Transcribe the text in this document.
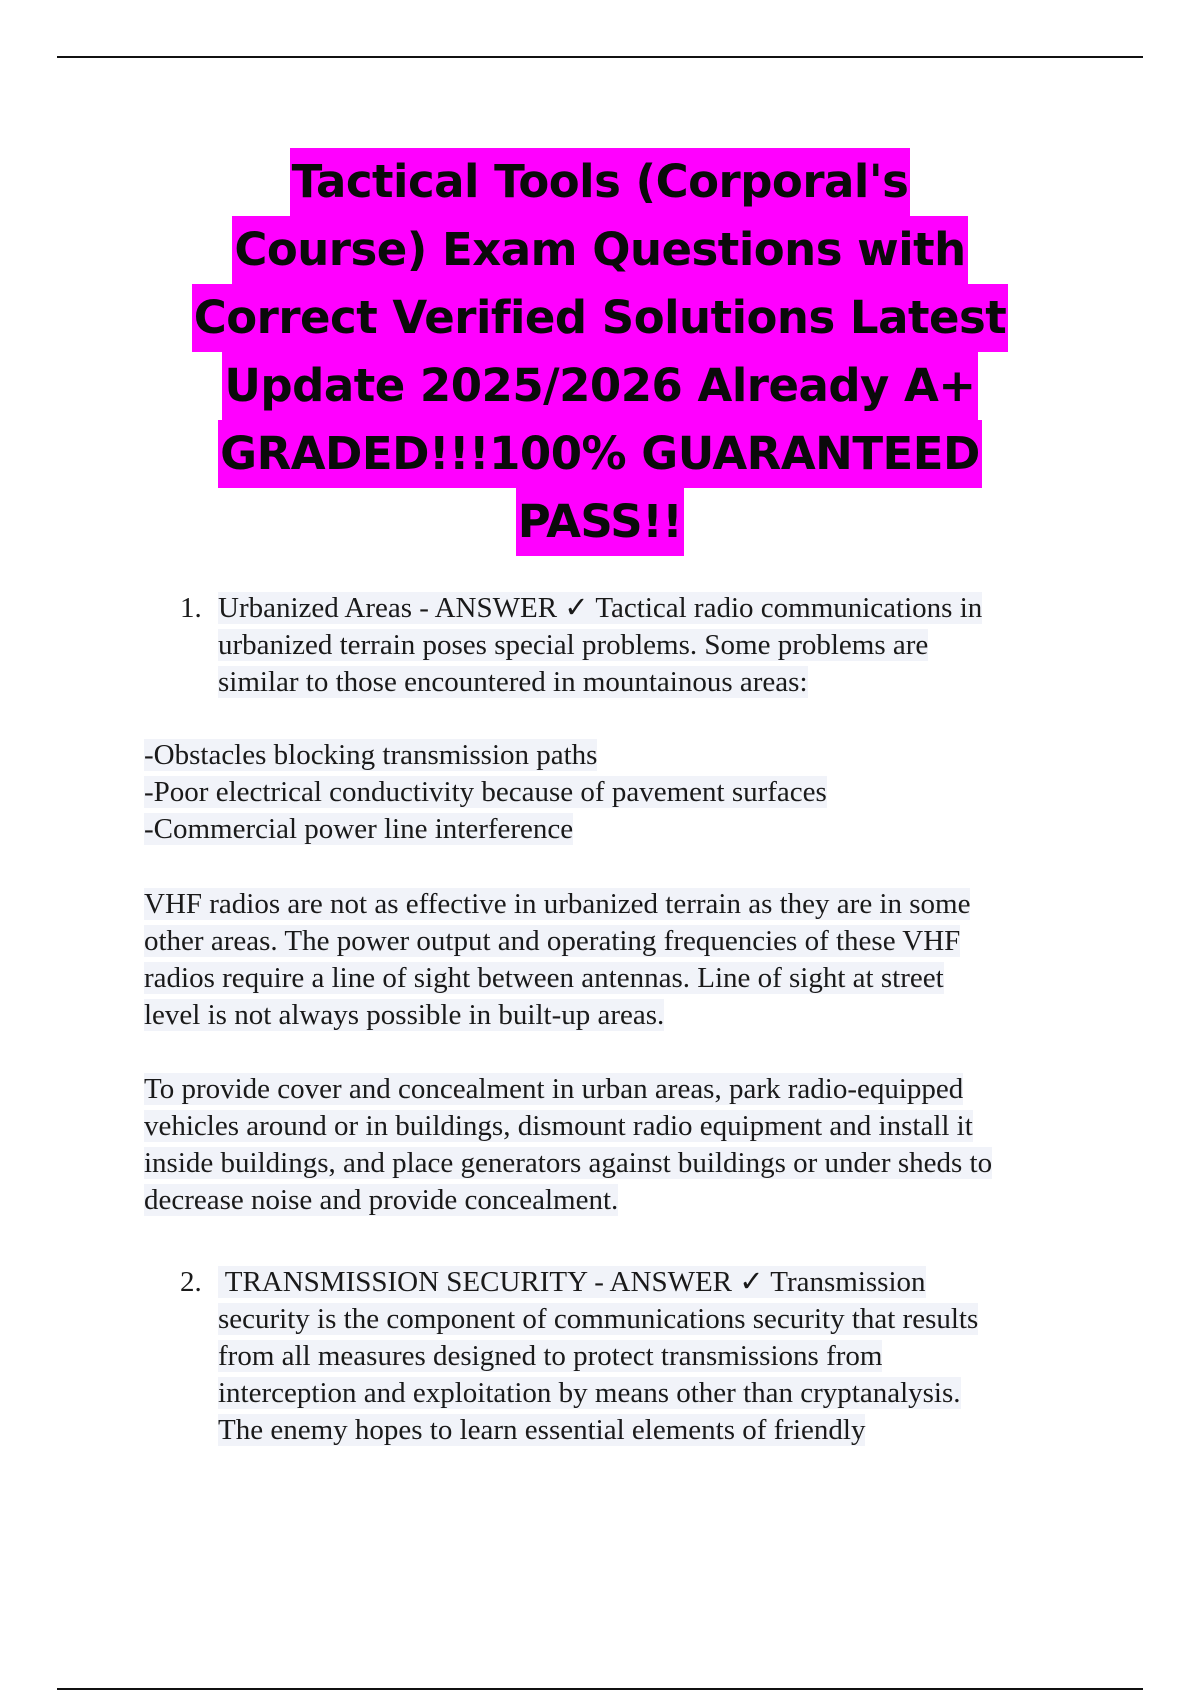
Tactical Tools (Corporal's
Course) Exam Questions with
Correct Verified Solutions Latest
Update 2025/2026 Already A+
GRADED!!!100% GUARANTEED
PASS!!
1. Urbanized Areas - ANSWER ✓ Tactical radio communications in
urbanized terrain poses special problems. Some problems are
similar to those encountered in mountainous areas:
-Obstacles blocking transmission paths
-Poor electrical conductivity because of pavement surfaces
-Commercial power line interference
VHF radios are not as effective in urbanized terrain as they are in some
other areas. The power output and operating frequencies of these VHF
radios require a line of sight between antennas. Line of sight at street
level is not always possible in built-up areas.
To provide cover and concealment in urban areas, park radio-equipped
vehicles around or in buildings, dismount radio equipment and install it
inside buildings, and place generators against buildings or under sheds to
decrease noise and provide concealment.
2. TRANSMISSION SECURITY - ANSWER ✓ Transmission
security is the component of communications security that results
from all measures designed to protect transmissions from
interception and exploitation by means other than cryptanalysis.
The enemy hopes to learn essential elements of friendly
